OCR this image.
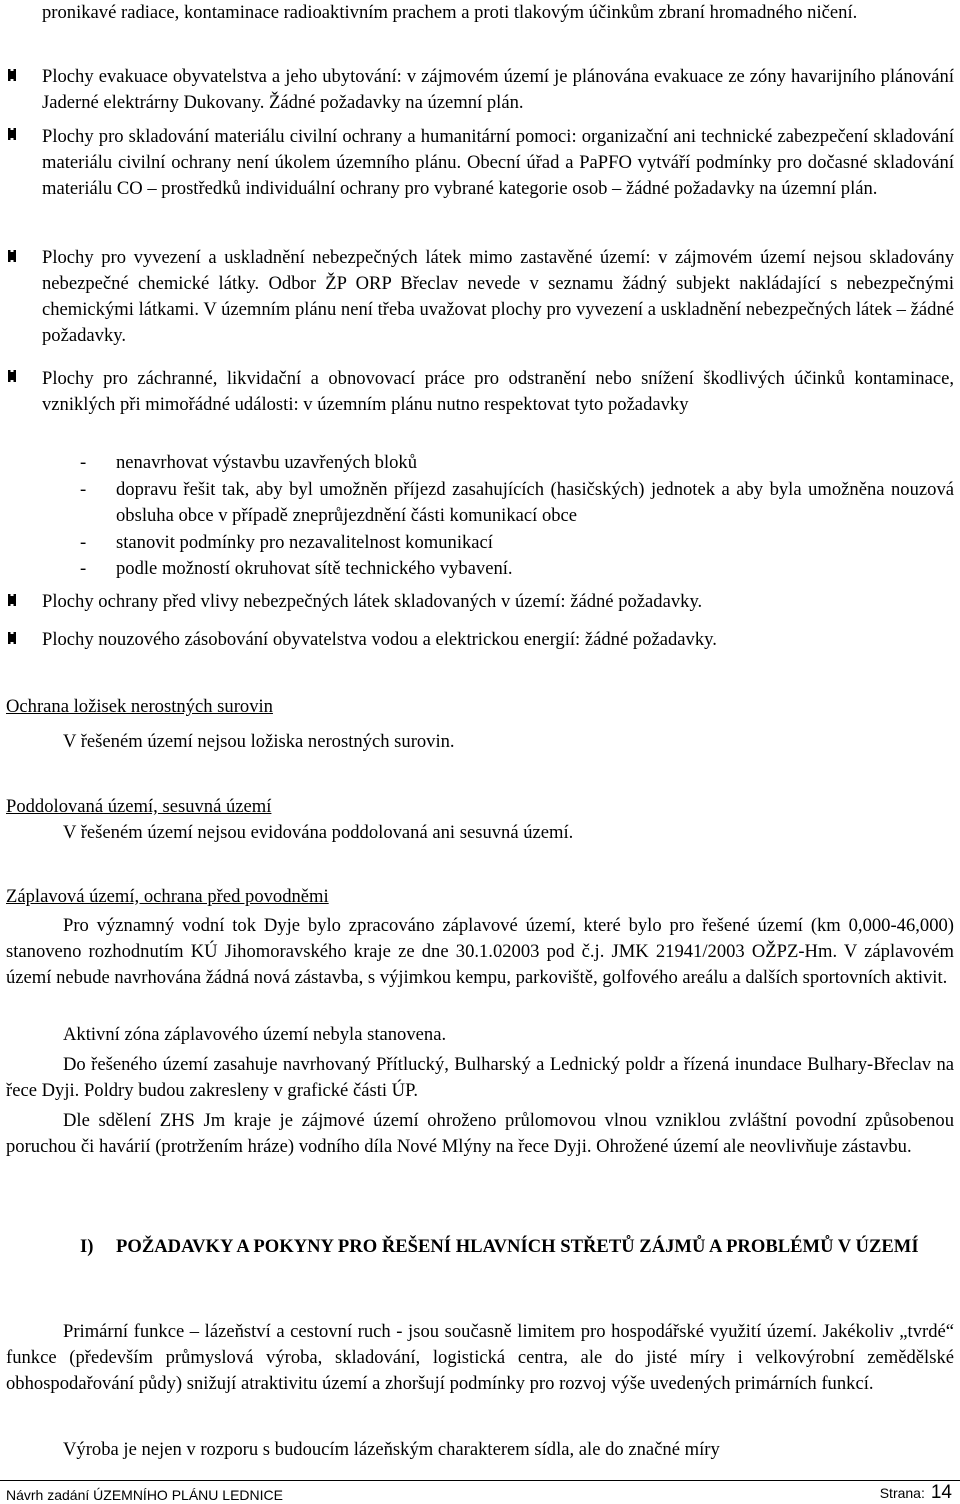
pronikavé radiace, kontaminace radioaktivním prachem a proti tlakovým účinkům zbraní hromadného ničení.
Plochy evakuace obyvatelstva a jeho ubytování: v zájmovém území je plánována evakuace ze zóny havarijního plánování Jaderné elektrárny Dukovany. Žádné požadavky na územní plán.
Plochy pro skladování materiálu civilní ochrany a humanitární pomoci: organizační ani technické zabezpečení skladování materiálu civilní ochrany není úkolem územního plánu. Obecní úřad a PaPFO vytváří podmínky pro dočasné skladování materiálu CO – prostředků individuální ochrany pro vybrané kategorie osob – žádné požadavky na územní plán.
Plochy pro vyvezení a uskladnění nebezpečných látek mimo zastavěné území: v zájmovém území nejsou skladovány nebezpečné chemické látky. Odbor ŽP ORP Břeclav nevede v seznamu žádný subjekt nakládající s nebezpečnými chemickými látkami. V územním plánu není třeba uvažovat plochy pro vyvezení a uskladnění nebezpečných látek – žádné požadavky.
Plochy pro záchranné, likvidační a obnovovací práce pro odstranění nebo snížení škodlivých účinků kontaminace, vzniklých při mimořádné události: v územním plánu nutno respektovat tyto požadavky
- nenavrhovat výstavbu uzavřených bloků
- dopravu řešit tak, aby byl umožněn příjezd zasahujících (hasičských) jednotek a aby byla umožněna nouzová obsluha obce v případě zneprůjezdnění části komunikací obce
- stanovit podmínky pro nezavalitelnost komunikací
- podle možností okruhovat sítě technického vybavení.
Plochy ochrany před vlivy nebezpečných látek skladovaných v území: žádné požadavky.
Plochy nouzového zásobování obyvatelstva vodou a elektrickou energií: žádné požadavky.
Ochrana ložisek nerostných surovin
V řešeném území nejsou ložiska nerostných surovin.
Poddolovaná území, sesuvná území
V řešeném území nejsou evidována poddolovaná ani sesuvná území.
Záplavová území, ochrana před povodněmi
Pro významný vodní tok Dyje bylo zpracováno záplavové území, které bylo pro řešené území (km 0,000-46,000) stanoveno rozhodnutím KÚ Jihomoravského kraje ze dne 30.1.02003 pod č.j. JMK 21941/2003 OŽPZ-Hm. V záplavovém území nebude navrhována žádná nová zástavba, s výjimkou kempu, parkoviště, golfového areálu a dalších sportovních aktivit.
Aktivní zóna záplavového území nebyla stanovena.
Do řešeného území zasahuje navrhovaný Přítlucký, Bulharský a Lednický poldr a řízená inundace Bulhary-Břeclav na řece Dyji. Poldry budou zakresleny v grafické části ÚP.
Dle sdělení ZHS Jm kraje je zájmové území ohroženo průlomovou vlnou vzniklou zvláštní povodní způsobenou poruchou či havárií (protržením hráze) vodního díla Nové Mlýny na řece Dyji. Ohrožené území ale neovlivňuje zástavbu.
I) POŽADAVKY A POKYNY PRO ŘEŠENÍ HLAVNÍCH STŘETŮ ZÁJMŮ A PROBLÉMŮ V ÚZEMÍ
Primární funkce – lázeňství a cestovní ruch - jsou současně limitem pro hospodářské využití území. Jakékoliv „tvrdé“ funkce (především průmyslová výroba, skladování, logistická centra, ale do jisté míry i velkovýrobní zemědělské obhospodařování půdy) snižují atraktivitu území a zhoršují podmínky pro rozvoj výše uvedených primárních funkcí.
Výroba je nejen v rozporu s budoucím lázeňským charakterem sídla, ale do značné míry
Návrh zadání ÚZEMNÍHO PLÁNU LEDNICE	Strana: 14
